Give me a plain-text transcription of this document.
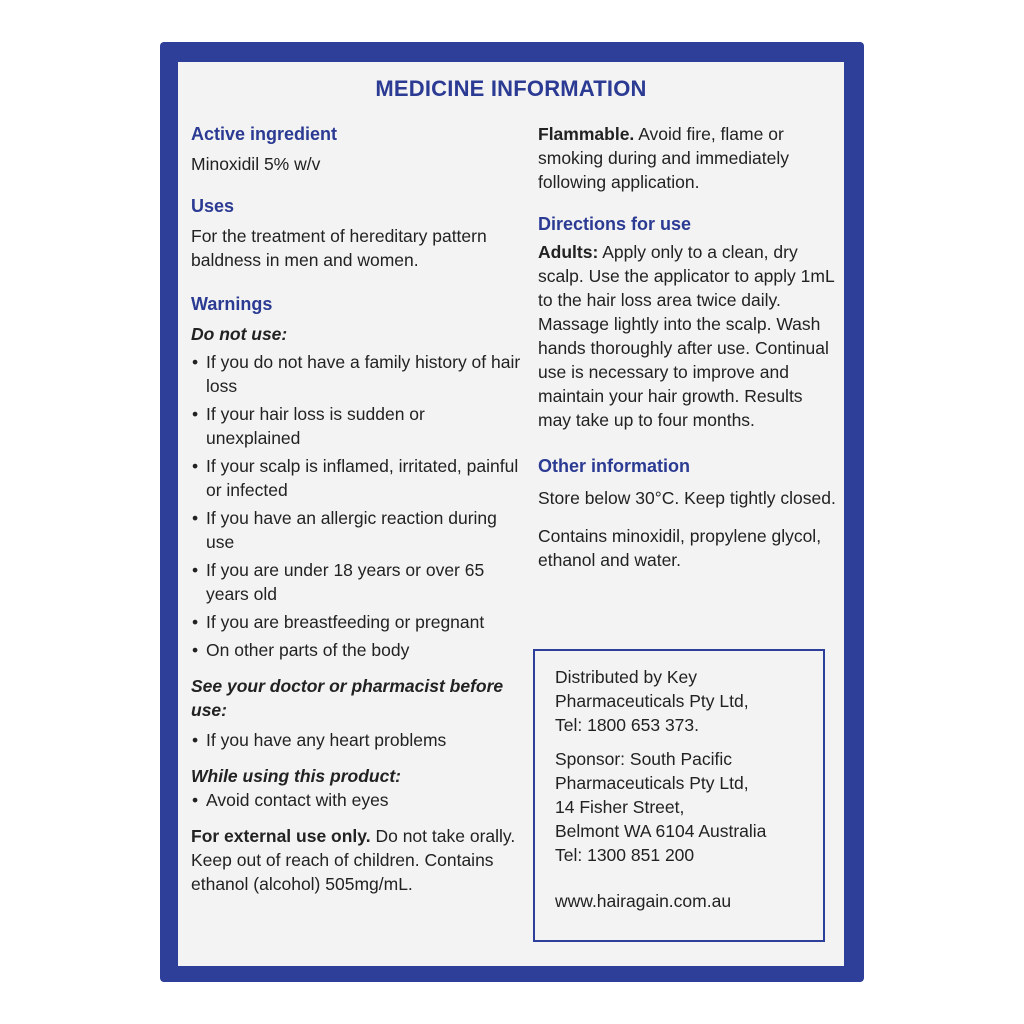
MEDICINE INFORMATION
Active ingredient

Minoxidil 5% w/v

Uses

For the treatment of hereditary pattern baldness in men and women.

Warnings

Do not use:

• If you do not have a family history of hair loss
• If your hair loss is sudden or unexplained
• If your scalp is inflamed, irritated, painful or infected
• If you have an allergic reaction during use
• If you are under 18 years or over 65 years old
• If you are breastfeeding or pregnant
• On other parts of the body

See your doctor or pharmacist before use:

• If you have any heart problems

While using this product:

• Avoid contact with eyes

For external use only. Do not take orally. Keep out of reach of children. Contains ethanol (alcohol) 505mg/mL.

Flammable. Avoid fire, flame or smoking during and immediately following application.

Directions for use

Adults: Apply only to a clean, dry scalp. Use the applicator to apply 1mL to the hair loss area twice daily. Massage lightly into the scalp. Wash hands thoroughly after use. Continual use is necessary to improve and maintain your hair growth. Results may take up to four months.

Other information

Store below 30°C. Keep tightly closed.

Contains minoxidil, propylene glycol, ethanol and water.

Distributed by Key
Pharmaceuticals Pty Ltd,
Tel: 1800 653 373.
Sponsor: South Pacific
Pharmaceuticals Pty Ltd,
14 Fisher Street,
Belmont WA 6104 Australia
Tel: 1300 851 200
www.hairagain.com.au
